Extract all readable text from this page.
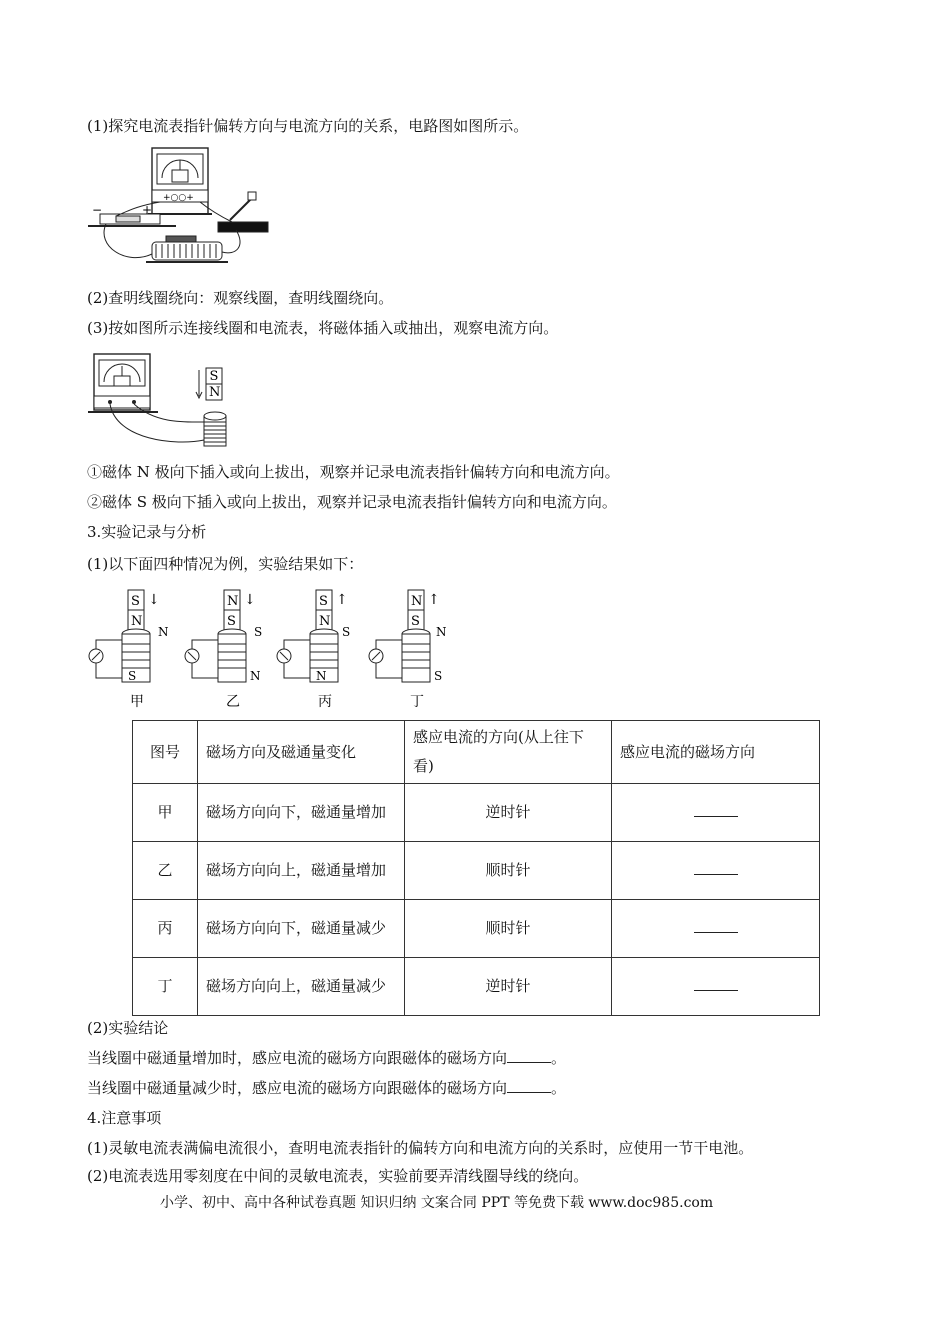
(1)探究电流表指针偏转方向与电流方向的关系，电路图如图所示。
+○○+
−	+
(2)查明线圈绕向：观察线圈，查明线圈绕向。
(3)按如图所示连接线圈和电流表，将磁体插入或抽出，观察电流方向。
S
N
①磁体 N 极向下插入或向上拔出，观察并记录电流表指针偏转方向和电流方向。
②磁体 S 极向下插入或向上拔出，观察并记录电流表指针偏转方向和电流方向。
3.实验记录与分析
(1)以下面四种情况为例，实验结果如下：
S
N
↓
N
S
甲
N
S
↓
S
N
乙
S
N
↑
S
N
丙
N
S
↑
N
S
丁
图号	磁场方向及磁通量变化	感应电流的方向(从上往下看)	感应电流的磁场方向
甲	磁场方向向下，磁通量增加	逆时针	
乙	磁场方向向上，磁通量增加	顺时针	
丙	磁场方向向下，磁通量减少	顺时针	
丁	磁场方向向上，磁通量减少	逆时针	
(2)实验结论
当线圈中磁通量增加时，感应电流的磁场方向跟磁体的磁场方向	。
当线圈中磁通量减少时，感应电流的磁场方向跟磁体的磁场方向	。
4.注意事项
(1)灵敏电流表满偏电流很小，查明电流表指针的偏转方向和电流方向的关系时，应使用一节干电池。
(2)电流表选用零刻度在中间的灵敏电流表，实验前要弄清线圈导线的绕向。
小学、初中、高中各种试卷真题 知识归纳 文案合同 PPT 等免费下载 www.doc985.com
